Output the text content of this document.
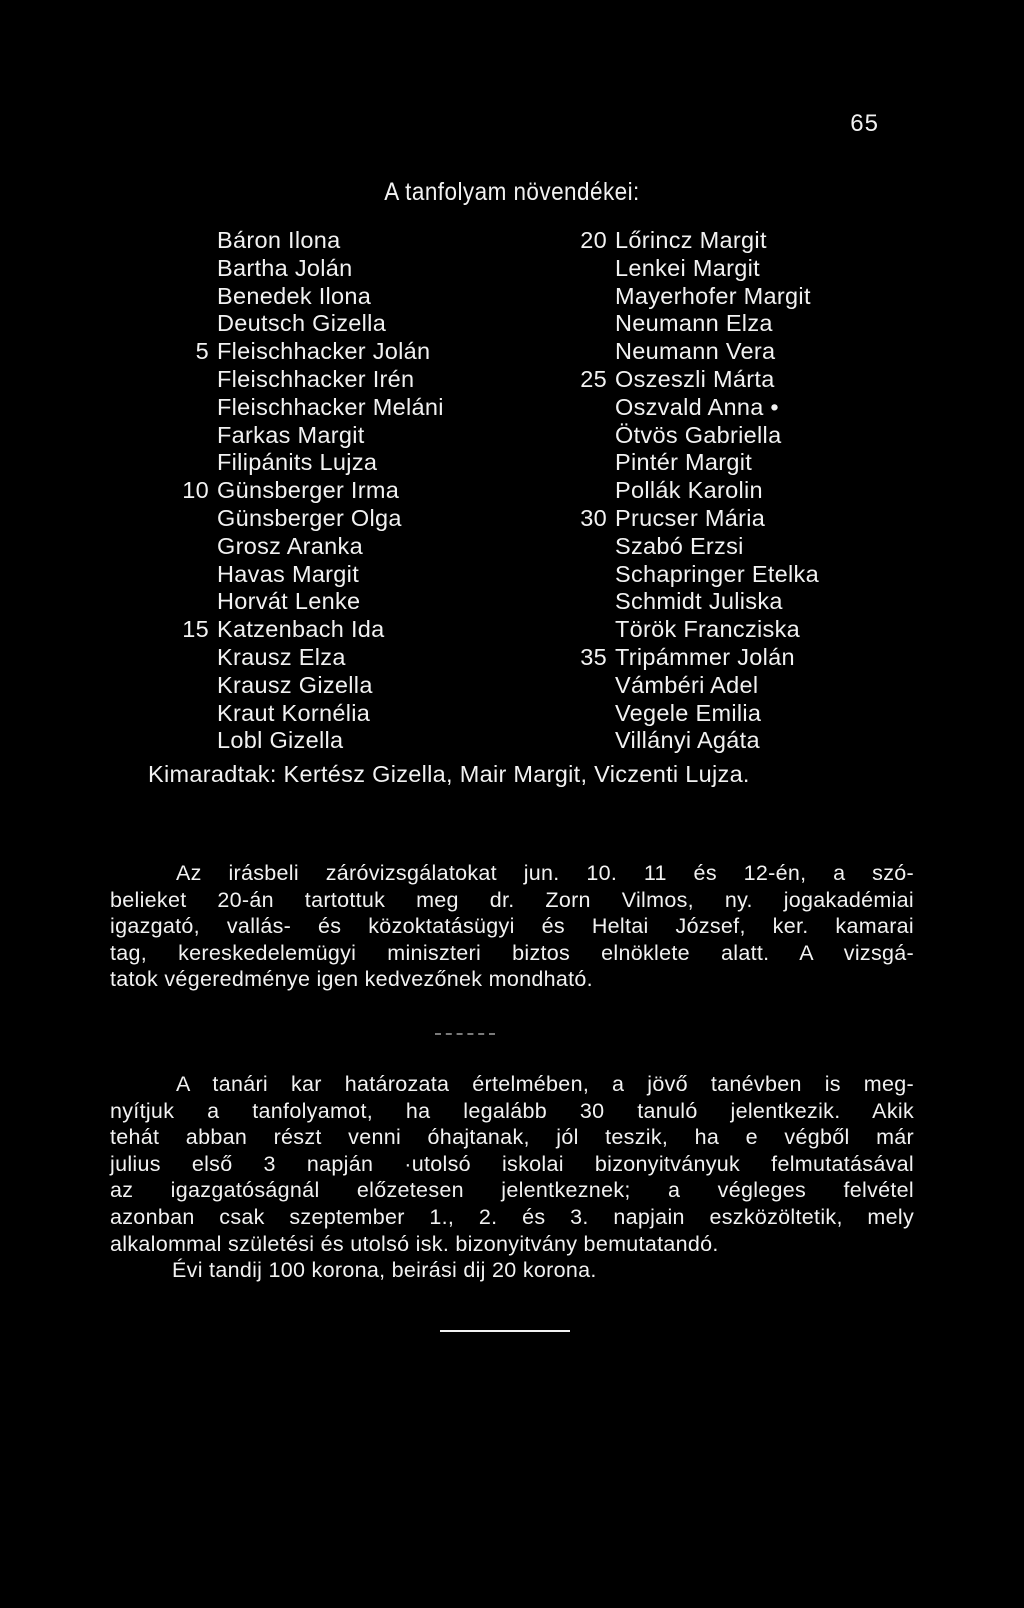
65
A tanfolyam növendékei:
Báron Ilona
Bartha Jolán
Benedek Ilona
Deutsch Gizella
5 Fleischhacker Jolán
Fleischhacker Irén
Fleischhacker Meláni
Farkas Margit
Filipánits Lujza
10 Günsberger Irma
Günsberger Olga
Grosz Aranka
Havas Margit
Horvát Lenke
15 Katzenbach Ida
Krausz Elza
Krausz Gizella
Kraut Kornélia
Lobl Gizella
20 Lőrincz Margit
Lenkei Margit
Mayerhofer Margit
Neumann Elza
Neumann Vera
25 Oszeszli Márta
Oszvald Anna •
Ötvös Gabriella
Pintér Margit
Pollák Karolin
30 Prucser Mária
Szabó Erzsi
Schapringer Etelka
Schmidt Juliska
Török Francziska
35 Tripámmer Jolán
Vámbéri Adel
Vegele Emilia
Villányi Agáta
Kimaradtak: Kertész Gizella, Mair Margit, Viczenti Lujza.
Az irásbeli záróvizsgálatokat jun. 10. 11 és 12-én, a szó-
belieket 20-án tartottuk meg dr. Zorn Vilmos, ny. jogakadémiai
igazgató, vallás- és közoktatásügyi és Heltai József, ker. kamarai
tag, kereskedelemügyi miniszteri biztos elnöklete alatt. A vizsgá-
tatok végeredménye igen kedvezőnek mondható.
A tanári kar határozata értelmében, a jövő tanévben is meg-
nyítjuk a tanfolyamot, ha legalább 30 tanuló jelentkezik. Akik
tehát abban részt venni óhajtanak, jól teszik, ha e végből már
julius első 3 napján ·utolsó iskolai bizonyitványuk felmutatásával
az igazgatóságnál előzetesen jelentkeznek; a végleges felvétel
azonban csak szeptember 1., 2. és 3. napjain eszközöltetik, mely
alkalommal születési és utolsó isk. bizonyitvány bemutatandó.
Évi tandij 100 korona, beirási dij 20 korona.
